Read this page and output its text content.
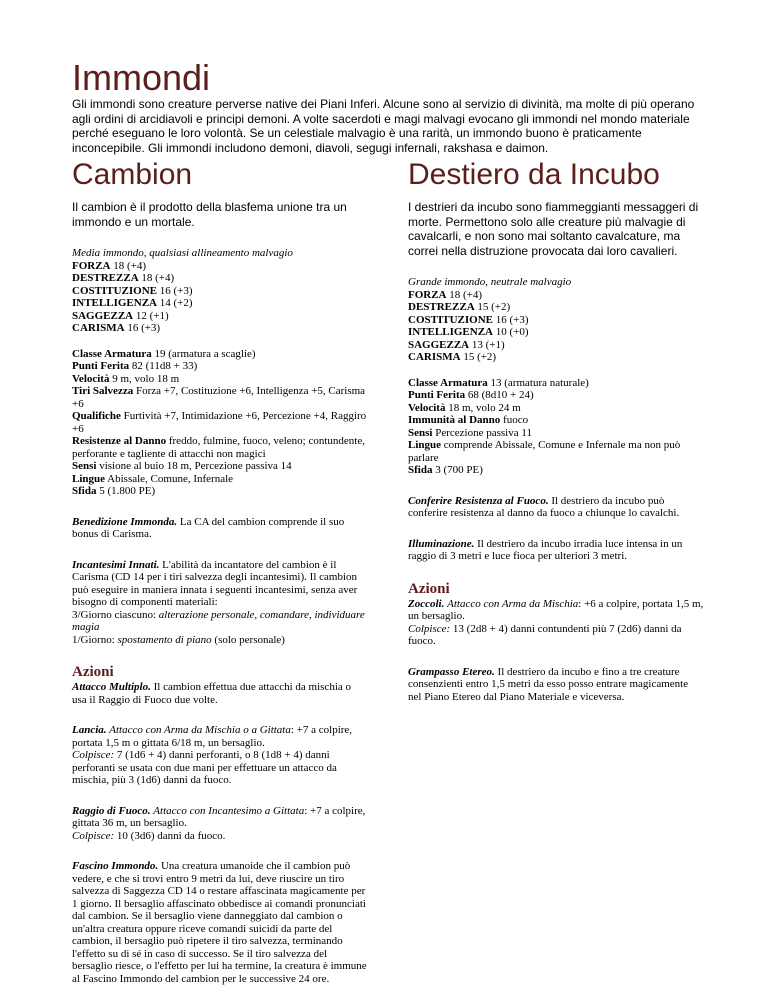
Immondi

Gli immondi sono creature perverse native dei Piani Inferi. Alcune sono al servizio di divinità, ma molte di più operano agli ordini di arcidiavoli e principi demoni. A volte sacerdoti e magi malvagi evocano gli immondi nel mondo materiale perché eseguano le loro volontà. Se un celestiale malvagio è una rarità, un immondo buono è praticamente inconcepibile. Gli immondi includono demoni, diavoli, segugi infernali, rakshasa e daimon.

Cambion

Il cambion è il prodotto della blasfema unione tra un immondo e un mortale.

Media immondo, qualsiasi allineamento malvagio

FORZA 18 (+4)

DESTREZZA 18 (+4)

COSTITUZIONE 16 (+3)

INTELLIGENZA 14 (+2)

SAGGEZZA 12 (+1)

CARISMA 16 (+3)

Classe Armatura 19 (armatura a scaglie)

Punti Ferita 82 (11d8 + 33)

Velocità 9 m, volo 18 m

Tiri Salvezza Forza +7, Costituzione +6, Intelligenza +5, Carisma +6

Qualifiche Furtività +7, Intimidazione +6, Percezione +4, Raggiro +6

Resistenze al Danno freddo, fulmine, fuoco, veleno; contundente, perforante e tagliente di attacchi non magici

Sensi visione al buio 18 m, Percezione passiva 14

Lingue Abissale, Comune, Infernale

Sfida 5 (1.800 PE)

Benedizione Immonda. La CA del cambion comprende il suo bonus di Carisma.

Incantesimi Innati. L'abilità da incantatore del cambion è il Carisma (CD 14 per i tiri salvezza degli incantesimi). Il cambion può eseguire in maniera innata i seguenti incantesimi, senza aver bisogno di componenti materiali:

3/Giorno ciascuno: alterazione personale, comandare, individuare magia

1/Giorno: spostamento di piano (solo personale)

Azioni

Attacco Multiplo. Il cambion effettua due attacchi da mischia o usa il Raggio di Fuoco due volte.

Lancia. Attacco con Arma da Mischia o a Gittata: +7 a colpire, portata 1,5 m o gittata 6/18 m, un bersaglio.

Colpisce: 7 (1d6 + 4) danni perforanti, o 8 (1d8 + 4) danni perforanti se usata con due mani per effettuare un attacco da mischia, più 3 (1d6) danni da fuoco.

Raggio di Fuoco. Attacco con Incantesimo a Gittata: +7 a colpire, gittata 36 m, un bersaglio.

Colpisce: 10 (3d6) danni da fuoco.

Fascino Immondo. Una creatura umanoide che il cambion può vedere, e che si trovi entro 9 metri da lui, deve riuscire un tiro salvezza di Saggezza CD 14 o restare affascinata magicamente per 1 giorno. Il bersaglio affascinato obbedisce ai comandi pronunciati dal cambion. Se il bersaglio viene danneggiato dal cambion o un'altra creatura oppure riceve comandi suicidi da parte del cambion, il bersaglio può ripetere il tiro salvezza, terminando l'effetto su di sé in caso di successo. Se il tiro salvezza del bersaglio riesce, o l'effetto per lui ha termine, la creatura è immune al Fascino Immondo del cambion per le successive 24 ore.

Destiero da Incubo

I destrieri da incubo sono fiammeggianti messaggeri di morte. Permettono solo alle creature più malvagie di cavalcarli, e non sono mai soltanto cavalcature, ma correi nella distruzione provocata dai loro cavalieri.

Grande immondo, neutrale malvagio

FORZA 18 (+4)

DESTREZZA 15 (+2)

COSTITUZIONE 16 (+3)

INTELLIGENZA 10 (+0)

SAGGEZZA 13 (+1)

CARISMA 15 (+2)

Classe Armatura 13 (armatura naturale)

Punti Ferita 68 (8d10 + 24)

Velocità 18 m, volo 24 m

Immunità al Danno fuoco

Sensi Percezione passiva 11

Lingue comprende Abissale, Comune e Infernale ma non può parlare

Sfida 3 (700 PE)

Conferire Resistenza al Fuoco. Il destriero da incubo può conferire resistenza al danno da fuoco a chiunque lo cavalchi.

Illuminazione. Il destriero da incubo irradia luce intensa in un raggio di 3 metri e luce fioca per ulteriori 3 metri.

Azioni

Zoccoli. Attacco con Arma da Mischia: +6 a colpire, portata 1,5 m, un bersaglio.

Colpisce: 13 (2d8 + 4) danni contundenti più 7 (2d6) danni da fuoco.

Grampasso Etereo. Il destriero da incubo e fino a tre creature consenzienti entro 1,5 metri da esso posso entrare magicamente nel Piano Etereo dal Piano Materiale e viceversa.
